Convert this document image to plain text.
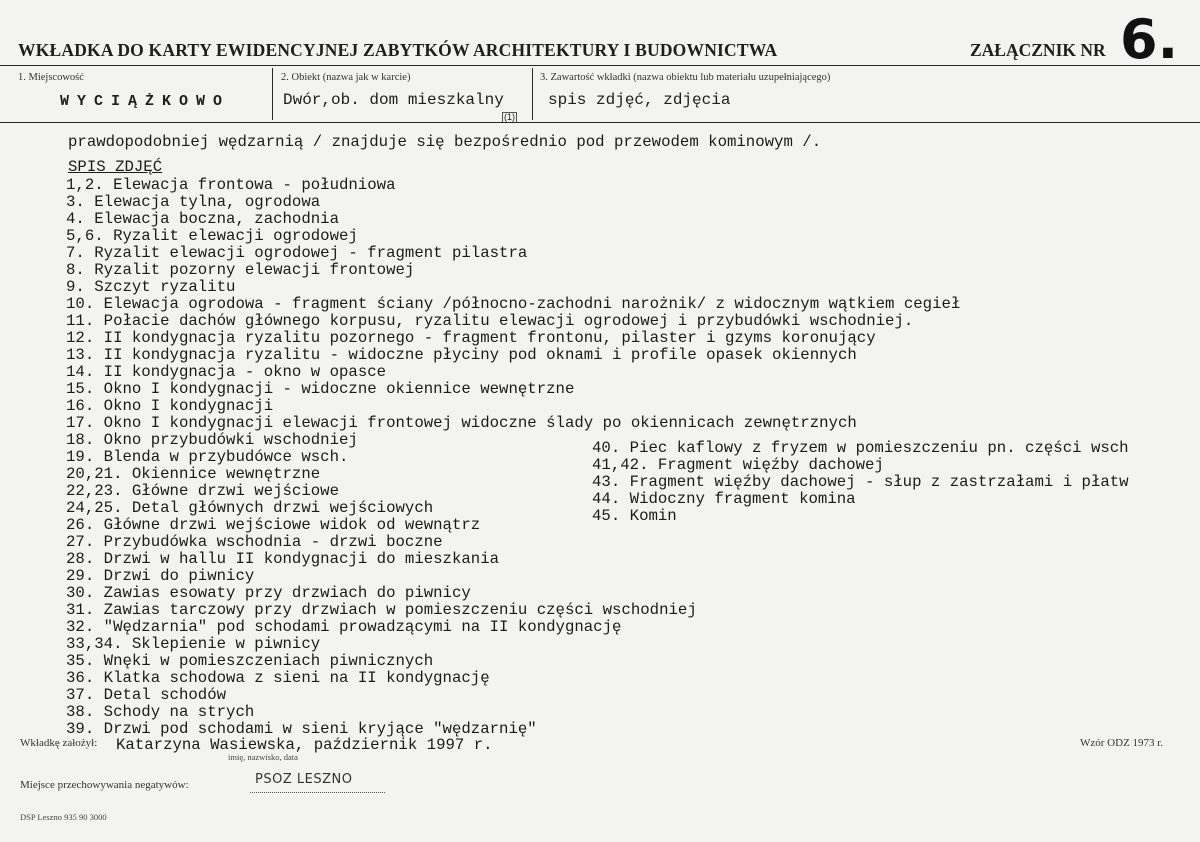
WKŁADKA DO KARTY EWIDENCYJNEJ ZABYTKÓW ARCHITEKTURY I BUDOWNICTWA	ZAŁĄCZNIK NR 6.
1. Miejscowość
WYCIĄŻKOWO
2. Obiekt (nazwa jak w karcie)
Dwór,ob. dom mieszkalny
(1)
3. Zawartość wkładki (nazwa obiektu lub materiału uzupełniającego)
spis zdjęć, zdjęcia
prawdopodobniej wędzarnią / znajduje się bezpośrednio pod przewodem kominowym /.
SPIS ZDJĘĆ
1,2. Elewacja frontowa - południowa
3. Elewacja tylna, ogrodowa
4. Elewacja boczna, zachodnia
5,6. Ryzalit elewacji ogrodowej
7. Ryzalit elewacji ogrodowej - fragment pilastra
8. Ryzalit pozorny elewacji frontowej
9. Szczyt ryzalitu
10. Elewacja ogrodowa - fragment ściany /północno-zachodni narożnik/ z widocznym wątkiem cegieł
11. Połacie dachów głównego korpusu, ryzalitu elewacji ogrodowej i przybudówki wschodniej.
12. II kondygnacja ryzalitu pozornego - fragment frontonu, pilaster i gzyms koronujący
13. II kondygnacja ryzalitu - widoczne płyciny pod oknami i profile opasek okiennych
14. II kondygnacja - okno w opasce
15. Okno I kondygnacji - widoczne okiennice wewnętrzne
16. Okno I kondygnacji
17. Okno I kondygnacji elewacji frontowej widoczne ślady po okiennicach zewnętrznych
18. Okno przybudówki wschodniej
19. Blenda w przybudówce wsch.
20,21. Okiennice wewnętrzne
22,23. Główne drzwi wejściowe
24,25. Detal głównych drzwi wejściowych
26. Główne drzwi wejściowe widok od wewnątrz
27. Przybudówka wschodnia - drzwi boczne
28. Drzwi w hallu II kondygnacji do mieszkania
29. Drzwi do piwnicy
30. Zawias esowaty przy drzwiach do piwnicy
31. Zawias tarczowy przy drzwiach w pomieszczeniu części wschodniej
32. "Wędzarnia" pod schodami prowadzącymi na II kondygnację
33,34. Sklepienie w piwnicy
35. Wnęki w pomieszczeniach piwnicznych
36. Klatka schodowa z sieni na II kondygnację
37. Detal schodów
38. Schody na strych
39. Drzwi pod schodami w sieni kryjące "wędzarnię"
40. Piec kaflowy z fryzem w pomieszczeniu pn. części wsch
41,42. Fragment więźby dachowej
43. Fragment więźby dachowej - słup z zastrzałami i płatw
44. Widoczny fragment komina
45. Komin
Wkładkę założył: Katarzyna Wasiewska, październik 1997 r.
imię, nazwisko, data
Wzór ODZ 1973 r.
Miejsce przechowywania negatywów:	PSOZ LESZNO
DSP Leszno 935 90 3000
